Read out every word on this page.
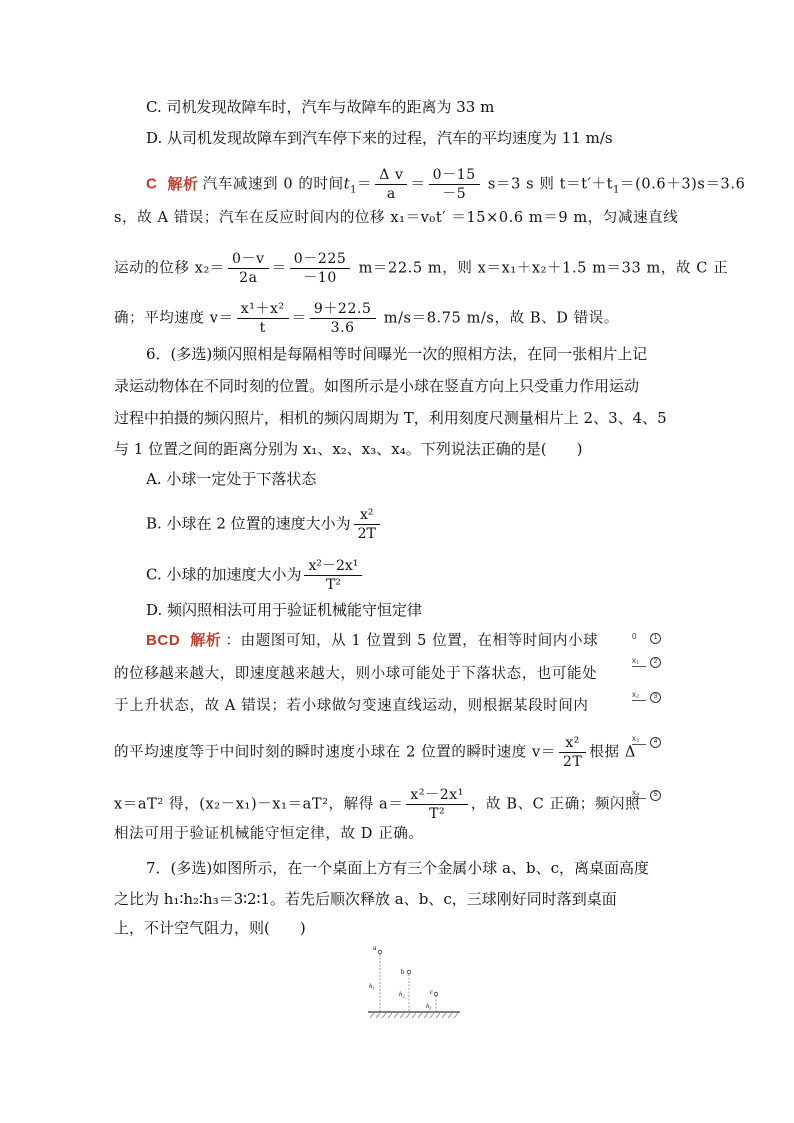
C. 司机发现故障车时，汽车与故障车的距离为 33 m
D. 从司机发现故障车到汽车停下来的过程，汽车的平均速度为 11 m/s
C 解析 汽车减速到 0 的时间$t_1= \frac{\text{Δ v}}{a} = \frac{0-15}{-5} s=3$ s 则 $t=t'+t_1=(0.6+3)s=3.6$
s，故 A 错误；汽车在反应时间内的位移 x₁＝v₀t′ ＝15×0.6 m＝9 m，匀减速直线
运动的位移 $x_2= \frac{0-v}{2a} = \frac{0-225}{-10} m=22.5$ m，则 x＝x₁＋x₂＋1.5 m＝33 m，故 C 正
确；平均速度 $v= \frac{\text{x¹＋x²}}{t} = \frac{9+22.5}{3.6} m/s=8.75$ m/s，故 B、D 错误。
6．(多选)频闪照相是每隔相等时间曝光一次的照相方法，在同一张相片上记
录运动物体在不同时刻的位置。如图所示是小球在竖直方向上只受重力作用运动
过程中拍摄的频闪照片，相机的频闪周期为 T，利用刻度尺测量相片上 2、3、4、5
与 1 位置之间的距离分别为 x₁、x₂、x₃、x₄。下列说法正确的是(　　)
A. 小球一定处于下落状态
B. 小球在 2 位置的速度大小为 $\frac{\text{x²}}{2T}$
C. 小球的加速度大小为 $\frac{\text{x²－2x¹}}{\text{T²}}$
D. 频闪照相法可用于验证机械能守恒定律
BCD 解析 ：由题图可知，从 1 位置到 5 位置，在相等时间内小球
的位移越来越大，即速度越来越大，则小球可能处于下落状态，也可能处
于上升状态，故 A 错误；若小球做匀变速直线运动，则根据某段时间内
的平均速度等于中间时刻的瞬时速度小球在 2 位置的瞬时速度 $v= \frac{\text{x²}}{2T}$ 根据 Δ
x＝aT² 得，(x₂－x₁)－x₁＝aT²，解得 $a= \frac{\text{x²－2x¹}}{\text{T²}}$ ，故 B、C 正确；频闪照
相法可用于验证机械能守恒定律，故 D 正确。
0	1
x₁	2
x₂	3
x₃	4
x₄	5
7．(多选)如图所示，在一个桌面上方有三个金属小球 a、b、c，离桌面高度
之比为 h₁∶h₂∶h₃＝3∶2∶1。若先后顺次释放 a、b、c，三球刚好同时落到桌面
上，不计空气阻力，则(　　)
a
h₁
b
h₂	c
h₃
